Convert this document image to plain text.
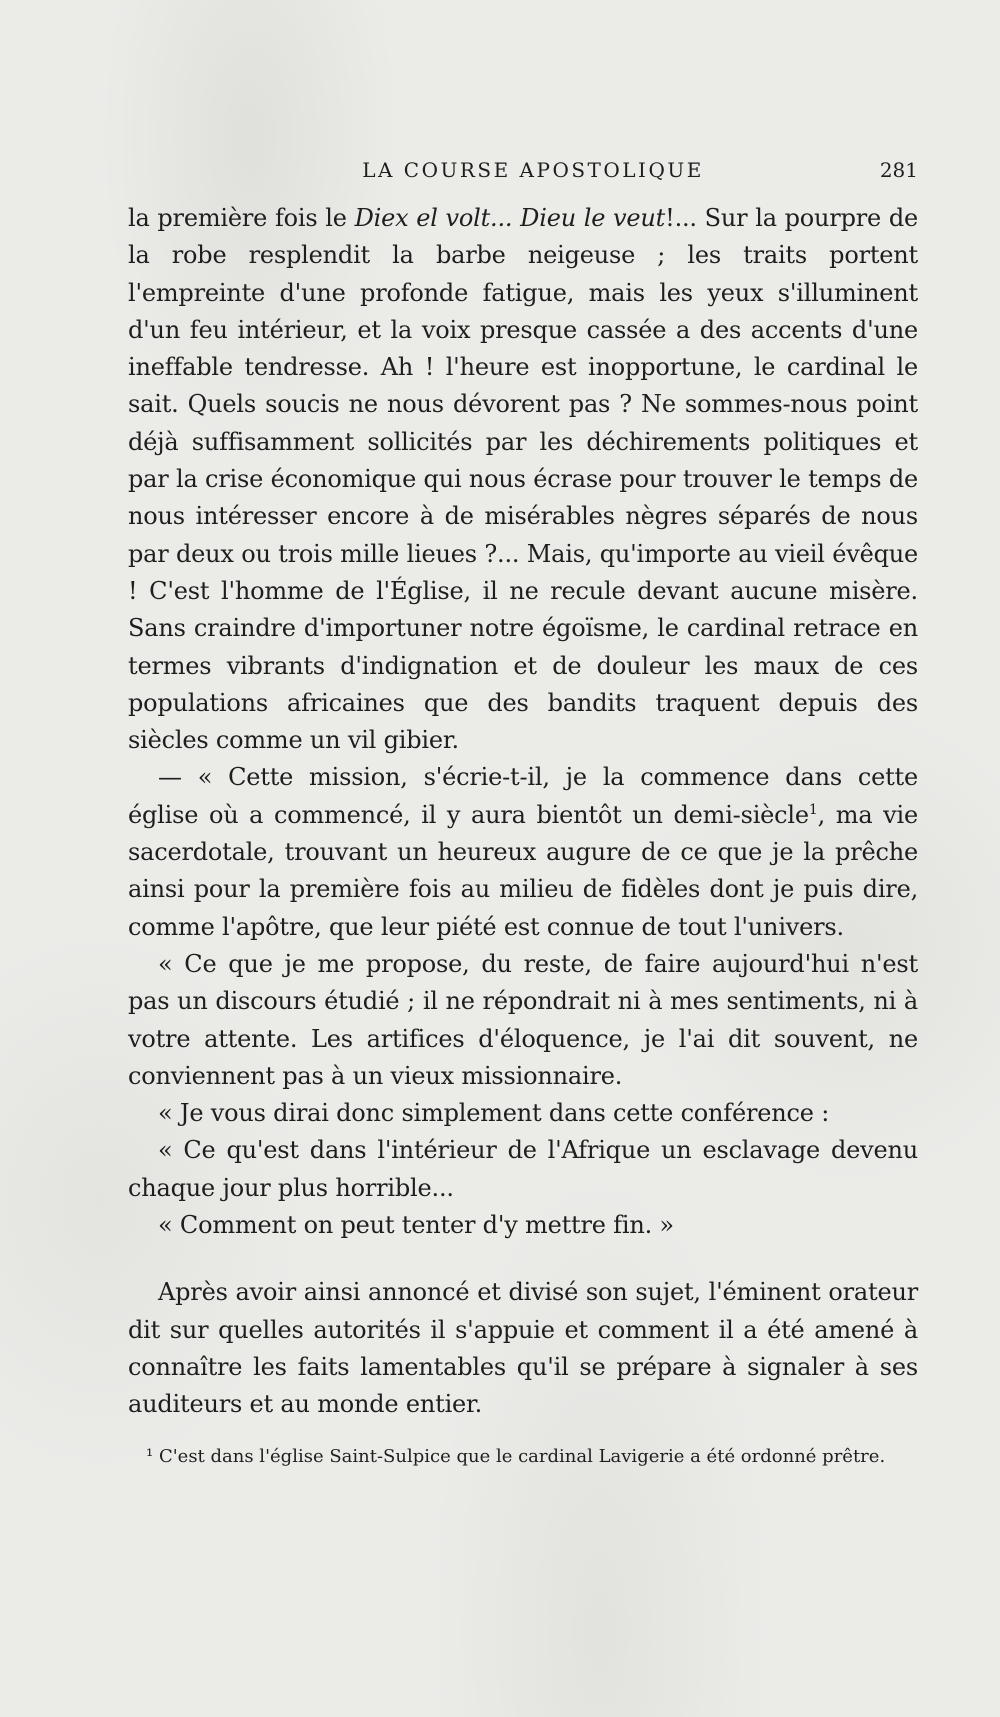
LA COURSE APOSTOLIQUE	281

la première fois le Diex el volt... Dieu le veut!... Sur la pourpre de la robe resplendit la barbe neigeuse ; les traits portent l'empreinte d'une profonde fatigue, mais les yeux s'illuminent d'un feu intérieur, et la voix presque cassée a des accents d'une ineffable tendresse. Ah ! l'heure est inopportune, le cardinal le sait. Quels soucis ne nous dévorent pas ? Ne sommes-nous point déjà suffisamment sollicités par les déchirements politiques et par la crise économique qui nous écrase pour trouver le temps de nous intéresser encore à de misérables nègres séparés de nous par deux ou trois mille lieues ?... Mais, qu'importe au vieil évêque ! C'est l'homme de l'Église, il ne recule devant aucune misère. Sans craindre d'importuner notre égoïsme, le cardinal retrace en termes vibrants d'indignation et de douleur les maux de ces populations africaines que des bandits traquent depuis des siècles comme un vil gibier.

— « Cette mission, s'écrie-t-il, je la commence dans cette église où a commencé, il y aura bientôt un demi-siècle$^1$, ma vie sacerdotale, trouvant un heureux augure de ce que je la prêche ainsi pour la première fois au milieu de fidèles dont je puis dire, comme l'apôtre, que leur piété est connue de tout l'univers.

« Ce que je me propose, du reste, de faire aujourd'hui n'est pas un discours étudié ; il ne répondrait ni à mes sentiments, ni à votre attente. Les artifices d'éloquence, je l'ai dit souvent, ne conviennent pas à un vieux missionnaire.

« Je vous dirai donc simplement dans cette conférence :

« Ce qu'est dans l'intérieur de l'Afrique un esclavage devenu chaque jour plus horrible...

« Comment on peut tenter d'y mettre fin. »

Après avoir ainsi annoncé et divisé son sujet, l'éminent orateur dit sur quelles autorités il s'appuie et comment il a été amené à connaître les faits lamentables qu'il se prépare à signaler à ses auditeurs et au monde entier.

¹ C'est dans l'église Saint-Sulpice que le cardinal Lavigerie a été ordonné prêtre.
